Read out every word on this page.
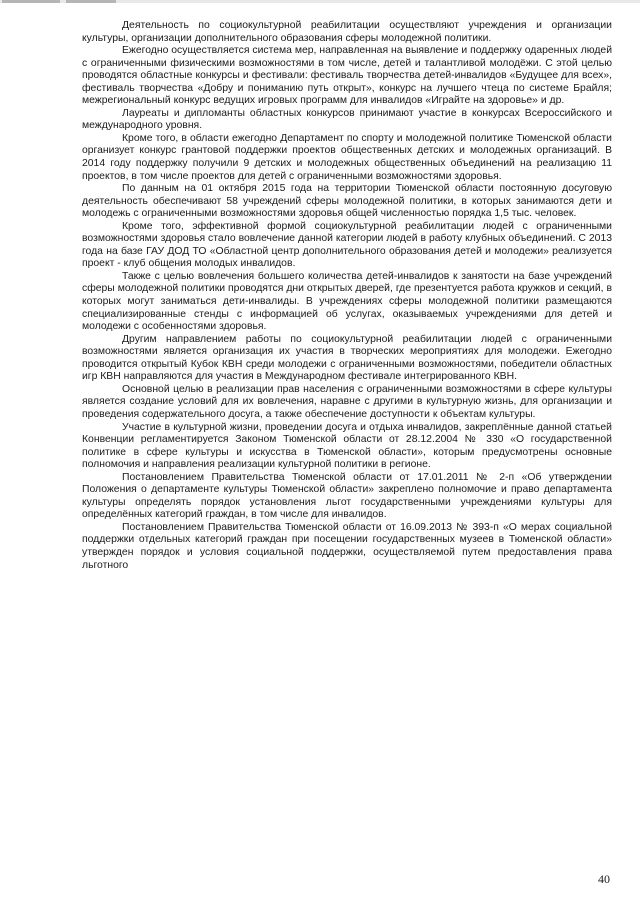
Деятельность по социокультурной реабилитации осуществляют учреждения и организации культуры, организации дополнительного образования сферы молодежной политики.

Ежегодно осуществляется система мер, направленная на выявление и поддержку одаренных людей с ограниченными физическими возможностями в том числе, детей и талантливой молодёжи. С этой целью проводятся областные конкурсы и фестивали: фестиваль творчества детей-инвалидов «Будущее для всех», фестиваль творчества «Добру и пониманию путь открыт», конкурс на лучшего чтеца по системе Брайля; межрегиональный конкурс ведущих игровых программ для инвалидов «Играйте на здоровье» и др.

Лауреаты и дипломанты областных конкурсов принимают участие в конкурсах Всероссийского и международного уровня.

Кроме того, в области ежегодно Департамент по спорту и молодежной политике Тюменской области организует конкурс грантовой поддержки проектов общественных детских и молодежных организаций. В 2014 году поддержку получили 9 детских и молодежных общественных объединений на реализацию 11 проектов, в том числе проектов для детей с ограниченными возможностями здоровья.

По данным на 01 октября 2015 года на территории Тюменской области постоянную досуговую деятельность обеспечивают 58 учреждений сферы молодежной политики, в которых занимаются дети и молодежь с ограниченными возможностями здоровья общей численностью порядка 1,5 тыс. человек.

Кроме того, эффективной формой социокультурной реабилитации людей с ограниченными возможностями здоровья стало вовлечение данной категории людей в работу клубных объединений. С 2013 года на базе ГАУ ДОД ТО «Областной центр дополнительного образования детей и молодежи» реализуется проект - клуб общения молодых инвалидов.

Также с целью вовлечения большего количества детей-инвалидов к занятости на базе учреждений сферы молодежной политики проводятся дни открытых дверей, где презентуется работа кружков и секций, в которых могут заниматься дети-инвалиды. В учреждениях сферы молодежной политики размещаются специализированные стенды с информацией об услугах, оказываемых учреждениями для детей и молодежи с особенностями здоровья.

Другим направлением работы по социокультурной реабилитации людей с ограниченными возможностями является организация их участия в творческих мероприятиях для молодежи. Ежегодно проводится открытый Кубок КВН среди молодежи с ограниченными возможностями, победители областных игр КВН направляются для участия в Международном фестивале интегрированного КВН.

Основной целью в реализации прав населения с ограниченными возможностями в сфере культуры является создание условий для их вовлечения, наравне с другими в культурную жизнь, для организации и проведения содержательного досуга, а также обеспечение доступности к объектам культуры.

Участие в культурной жизни, проведении досуга и отдыха инвалидов, закреплённые данной статьей Конвенции регламентируется Законом Тюменской области от 28.12.2004 № 330 «О государственной политике в сфере культуры и искусства в Тюменской области», которым предусмотрены основные полномочия и направления реализации культурной политики в регионе.

Постановлением Правительства Тюменской области от 17.01.2011 № 2-п «Об утверждении Положения о департаменте культуры Тюменской области» закреплено полномочие и право департамента культуры определять порядок установления льгот государственными учреждениями культуры для определённых категорий граждан, в том числе для инвалидов.

Постановлением Правительства Тюменской области от 16.09.2013 № 393-п «О мерах социальной поддержки отдельных категорий граждан при посещении государственных музеев в Тюменской области» утвержден порядок и условия социальной поддержки, осуществляемой путем предоставления права льготного

40
